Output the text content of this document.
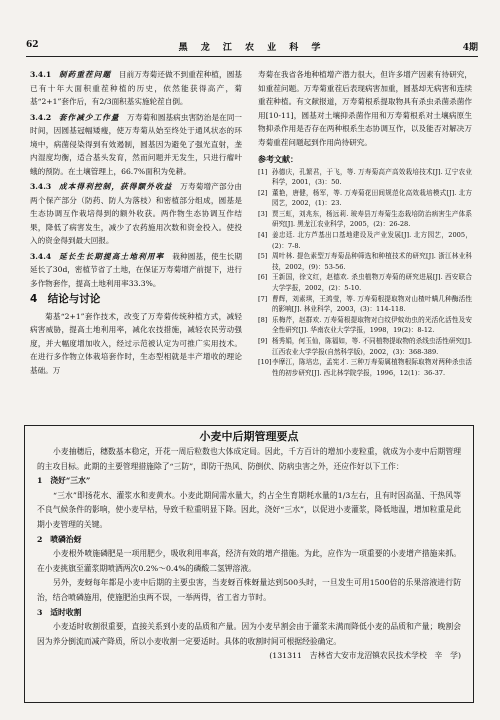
62	黑 龙 江 农 业 科 学	4期

3.4.1　 制药重茬问题　 目前万寿菊还做不到重茬种植，圆基已有十年大面积重茬种植的历史，依然能获得高产，菊基“2+1”套作后，有2/3面积基实施轮茬自倒。

3.4.2　 套作减少工作量　 万寿菊和圆基病虫害防治是在同一时间，因圆基冠幅矮瘦，使万寿菊从始至终处于通风状态的环境中，病菌侵染得到有效遏制，圆基因为避免了强光直射，垄内湿度均衡，适合基头发育，然而问题并无发生，只进行瘤叶蛾的预防。在土壤管理上，66.7%面积为免耕。

3.4.3　 成本得利控制，获得额外收益　 万寿菊增产部分由两个保产部分（防药、防人为落枝）和密植部分组成，圆基是生态协调互作栽培得到的额外收获。两作物生态协调互作结果，降低了病害发生，减少了农药施用次数和资金投入。使投入的资金得到最大回报。

3.4.4　 延长生长期提高土地利用率　 栽种圆基，使生长期延长了30d，密植节省了土地，在保证万寿菊增产前提下，进行多作物套作，提高土地利用率33.3%。

4　结论与讨论

菊基“2+1”套作技术，改变了万寿菊传统种植方式，减轻病害威胁，提高土地利用率，减化农技措施，减轻农民劳动强度，并大幅度增加收入，经过示范被认定为可推广实用技术。在进行多作物立体栽培套作时，生态型相就是丰产增收的理论基础。万

寿菊在我省各地种植增产潜力很大，但许多增产因素有待研究，如重茬问题。万寿菊重茬后表现病害加重，圆基却无病害和连续重茬种植。有文献报道，万寿菊根系提取物具有杀虫杀菌杀菌作用[10-11]，圆基对土壤抑杀菌作用和万寿菊根系对土壤病原生物抑杀作用是否存在两种根系生态协调互作，以及能否对解决万寿菊重茬问题起到作用尚待研究。

参考文献：
[1] 孙德庆，孔繁君，于飞，等. 万寿菊高产高效栽培技术[J]. 辽宁农业科学，2001，(3)：50.
[2] 董艳，唐健，杨军，等. 万寿菊花田间规范化高效栽培模式[J]. 北方园艺，2002，(1)：23.
[3] 贾三虹，刘兆东，杨远莉. 玻寿县万寿菊生态栽培防治病害生产体系研究[J]. 黑龙江农业科学，2005，(2)：26-28.
[4] 姜忠廷. 北方芦基出口基地建设及产业发展[J]. 北方园艺，2005，(2)：7-8.
[5] 周叶林. 提色素型万寿菊品种筛选和种植技术的研究[J]. 浙江林业科技，2002，(9)：53-56.
[6] 王新国，徐文红，赵德欢. 杀虫植物万寿菊的研究进展[J]. 西安联合大学学报，2002，(2)：5-10.
[7] 曹辉，刘素琪，王鸿莹，等. 万寿菊根提取物对山楂叶螨几种酶活性的影响[J]. 林业科学，2003，(3)：114-118.
[8] 乐梅芹，赵群欢. 万寿菊根提取物对白纹伊蚊幼虫的光活化活性及安全性研究[J]. 华南农业大学学报，1998，19(2)：8-12.
[9] 杨秀娟，何玉仙，陈福如，等. 不同植物提取物的杀线虫活性研究[J]. 江西农业大学学报(自然科学版)，2002，(3)：368-389.
[10] 李摩江，陈培忠，孟宪才. 三种万寿菊属植物根际取物对两种杀虫活性的初步研究[J]. 西北林学院学报，1996，12(1)：36-37.
小麦中后期管理要点
小麦抽穗后，穗数基本稳定，开花一周后粒数也大体成定局。因此，千方百计的增加小麦粒重，就成为小麦中后期管理的主攻目标。此期的主要管理措施除了“三防”，即防干热风、防倒伏、防病虫害之外，还应作好以下工作：
1　浇好“三水”
“三水”即扬花水、灌浆水和麦黄水。小麦此期间需水量大，约占全生育期耗水量的1/3左右，且有时因高温、干热风等不良气候条件的影响，使小麦早枯，导致千粒重明显下降。因此，浇好“三水”，以促进小麦灌浆，降低地温，增加粒重是此期小麦管理的关键。
2　喷磷治蚜
小麦根外喷施磷肥是一项用肥少，吸收利用率高，经济有效的增产措施。为此，应作为一项重要的小麦增产措施来抓。在小麦挑旗至灌浆期喷洒两次0.2%～0.4%的磷酸二氢钾溶液。
另外，麦蚜每年都是小麦中后期的主要虫害，当麦蚜百株蚜量达到500头时，一旦发生可用1500倍的乐果溶液进行防治，结合喷磷施用，使施肥治虫两不误，一举两得，省工省力节时。
3　适时收割
小麦适时收割很重要，直接关系到小麦的品质和产量。因为小麦早割会由于灌浆未满而降低小麦的品质和产量；晚割会因为养分倒流而减产降质，所以小麦收割一定要适时。具体的收割时间可根据经验确定。
(131311　吉林省大安市龙沼镇农民技术学校　辛　学)
